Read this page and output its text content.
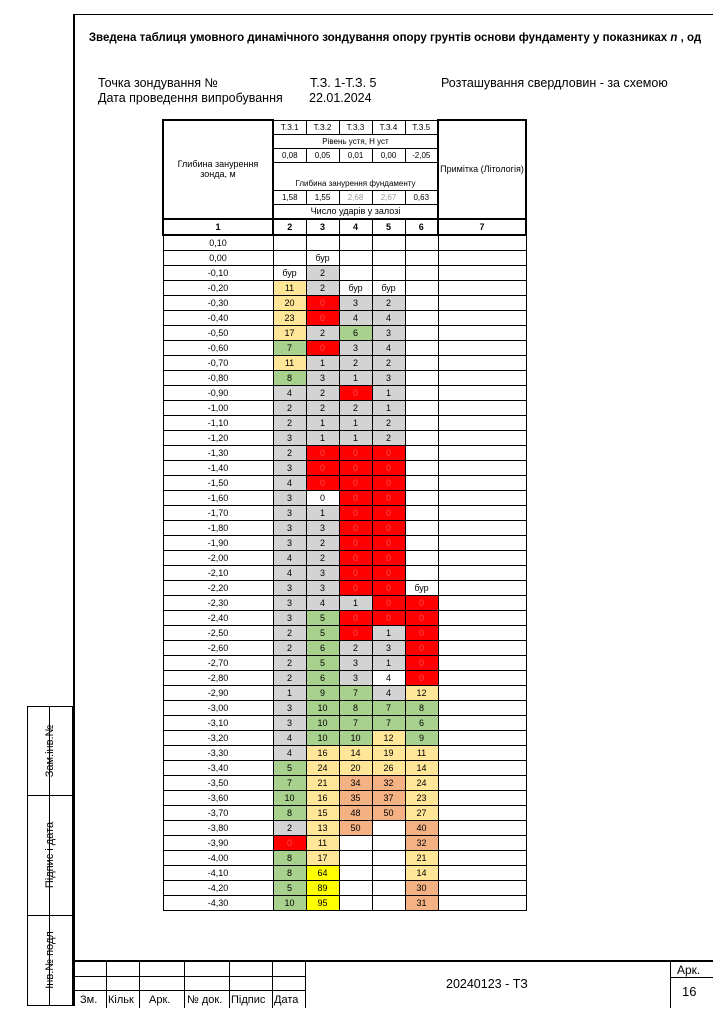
Зам.інв.№
Підпис і дата
Інв.№ подл
Зведена таблиця умовного динамічного зондування опору грунтів основи фундаменту у показниках n , од
Точка зондування №	Т.З. 1-Т.З. 5	Розташування свердловин - за схемою
Дата проведення випробування 22.01.2024
Глибина занурення зонда, м	Т.З.1	Т.З.2	Т.З.3	Т.З.4	Т.З.5	Примітка (Літологія)
	Рівень устя, Н уст					
	0,08	0,05	0,01	0,00	-2,05	

	Глибина занурення фундаменту					
	1,58	1,55	2,68	2,67	0,63	
	Число ударів у залозі					
1	2	3	4	5	6	7
0,10						
0,00		бур				
-0,10	бур	2				
-0,20	11	2	бур	бур		
-0,30	20	0	3	2		
-0,40	23	0	4	4		
-0,50	17	2	6	3		
-0,60	7	0	3	4		
-0,70	11	1	2	2		
-0,80	8	3	1	3		
-0,90	4	2	0	1		
-1,00	2	2	2	1		
-1,10	2	1	1	2		
-1,20	3	1	1	2		
-1,30	2	0	0	0		
-1,40	3	0	0	0		
-1,50	4	0	0	0		
-1,60	3	0	0	0		
-1,70	3	1	0	0		
-1,80	3	3	0	0		
-1,90	3	2	0	0		
-2,00	4	2	0	0		
-2,10	4	3	0	0		
-2,20	3	3	0	0	бур	
-2,30	3	4	1	0	0	
-2,40	3	5	0	0	0	
-2,50	2	5	0	1	0	
-2,60	2	6	2	3	0	
-2,70	2	5	3	1	0	
-2,80	2	6	3	4	0	
-2,90	1	9	7	4	12	
-3,00	3	10	8	7	8	
-3,10	3	10	7	7	6	
-3,20	4	10	10	12	9	
-3,30	4	16	14	19	11	
-3,40	5	24	20	26	14	
-3,50	7	21	34	32	24	
-3,60	10	16	35	37	23	
-3,70	8	15	48	50	27	
-3,80	2	13	50		40	
-3,90	0	11			32	
-4,00	8	17			21	
-4,10	8	64			14	
-4,20	5	89			30	
-4,30	10	95			31	
Зм. Кільк Арк. № док. Підпис Дата
20240123 - ТЗ
Арк.
16
